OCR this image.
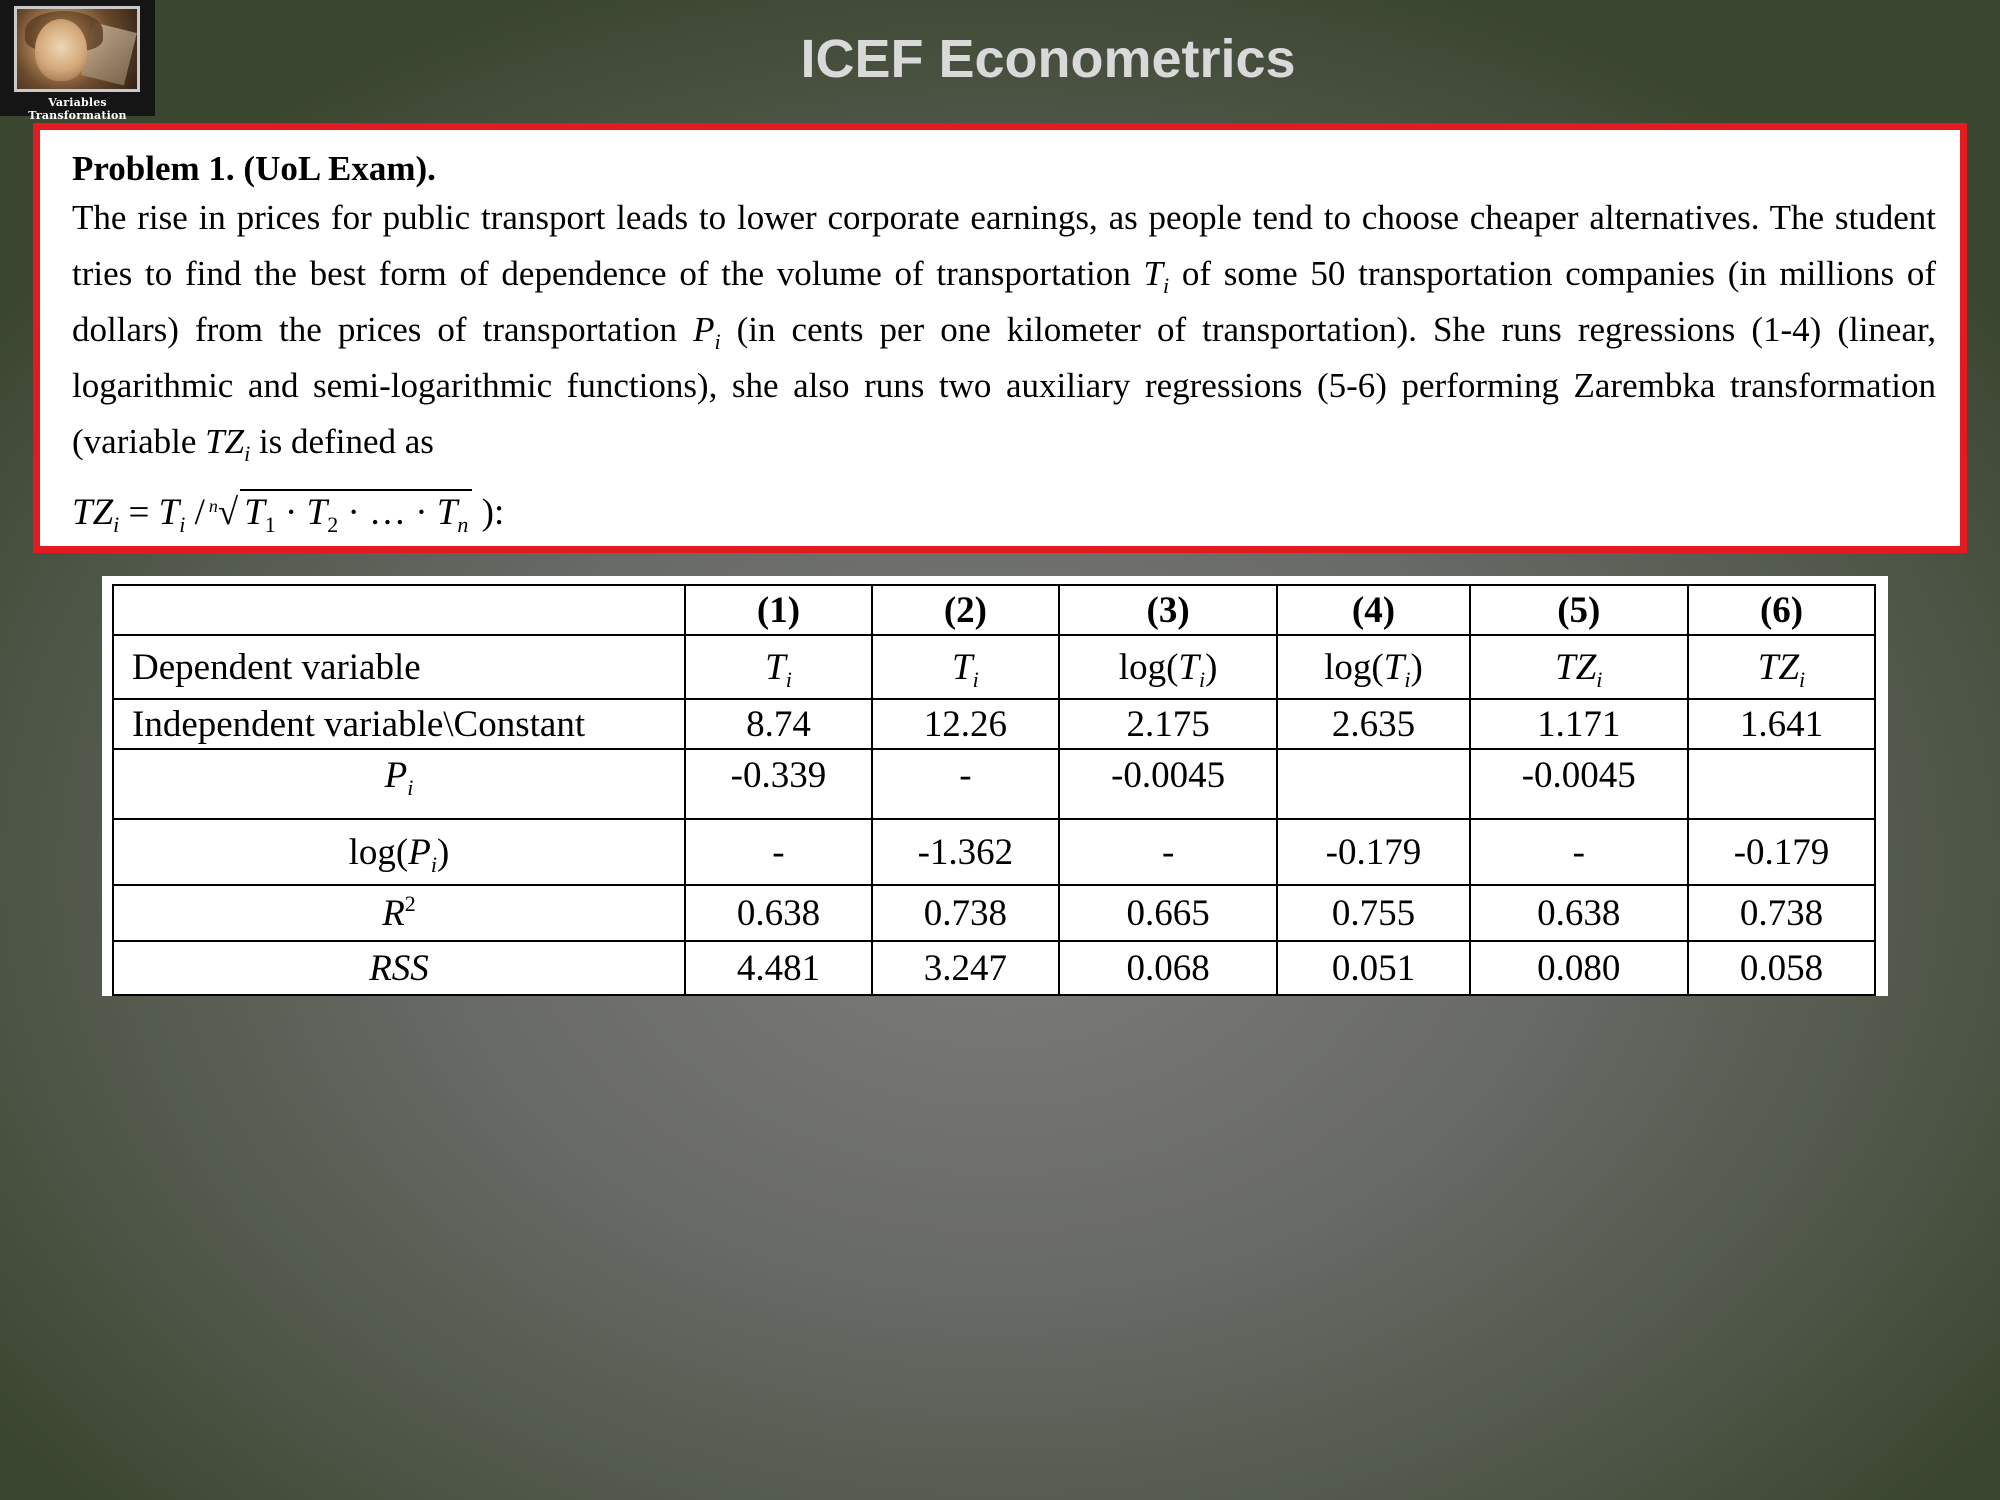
Variables Transformation
ICEF Econometrics

Problem 1. (UoL Exam).

The rise in prices for public transport leads to lower corporate earnings, as people tend to choose cheaper alternatives. The student tries to find the best form of dependence of the volume of transportation $T_i$ of some 50 transportation companies (in millions of dollars) from the prices of transportation $P_i$ (in cents per one kilometer of transportation). She runs regressions (1-4) (linear, logarithmic and semi-logarithmic functions), she also runs two auxiliary regressions (5-6) performing Zarembka transformation (variable $TZ_i$ is defined as

$TZ_i = T_i / ^n√$ $T_1 \cdot T_2$ · … · $T_n$ ):
	(1)	(2)	(3)	(4)	(5)	(6)
Dependent variable	$T_i$	$T_i$	$\log(T_i)$	$\log(T_i)$	$TZ_i$	$TZ_i$
Independent variable\Constant	8.74	12.26	2.175	2.635	1.171	1.641
$P_i$	-0.339	-	-0.0045		-0.0045	
$\log(P_i)$	-	-1.362	-	-0.179	-	-0.179
$R^2$	0.638	0.738	0.665	0.755	0.638	0.738
RSS	4.481	3.247	0.068	0.051	0.080	0.058
